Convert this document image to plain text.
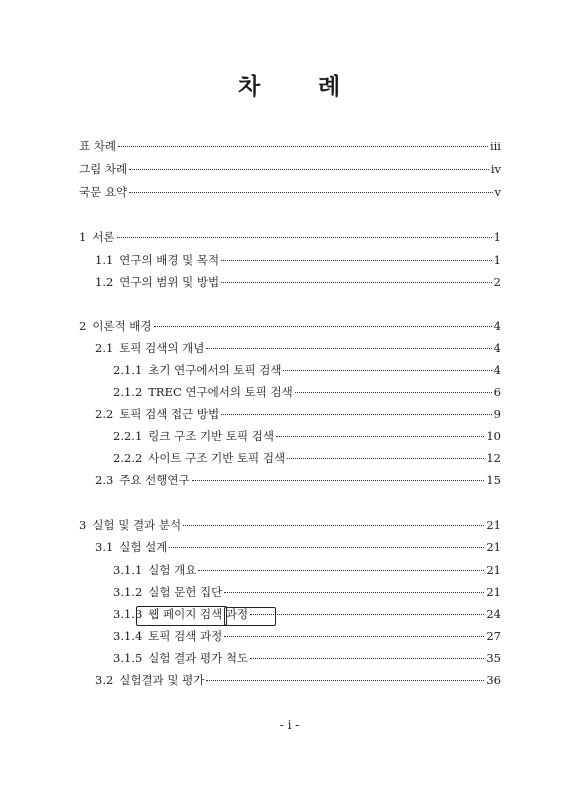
차	례
표 차례	iii
그림 차례	iv
국문 요약	v
1 서론	1
1.1 연구의 배경 및 목적	1
1.2 연구의 범위 및 방법	2
2 이론적 배경	4
2.1 토픽 검색의 개념	4
2.1.1 초기 연구에서의 토픽 검색	4
2.1.2 TREC 연구에서의 토픽 검색	6
2.2 토픽 검색 접근 방법	9
2.2.1 링크 구조 기반 토픽 검색	10
2.2.2 사이트 구조 기반 토픽 검색	12
2.3 주요 선행연구	15
3 실험 및 결과 분석	21
3.1 실험 설계	21
3.1.1 실험 개요	21
3.1.2 실험 문헌 집단	21
3.1.3 웹 페이지 검색 과정	24
3.1.4 토픽 검색 과정	27
3.1.5 실험 결과 평가 척도	35
3.2 실험결과 및 평가	36
- i -
